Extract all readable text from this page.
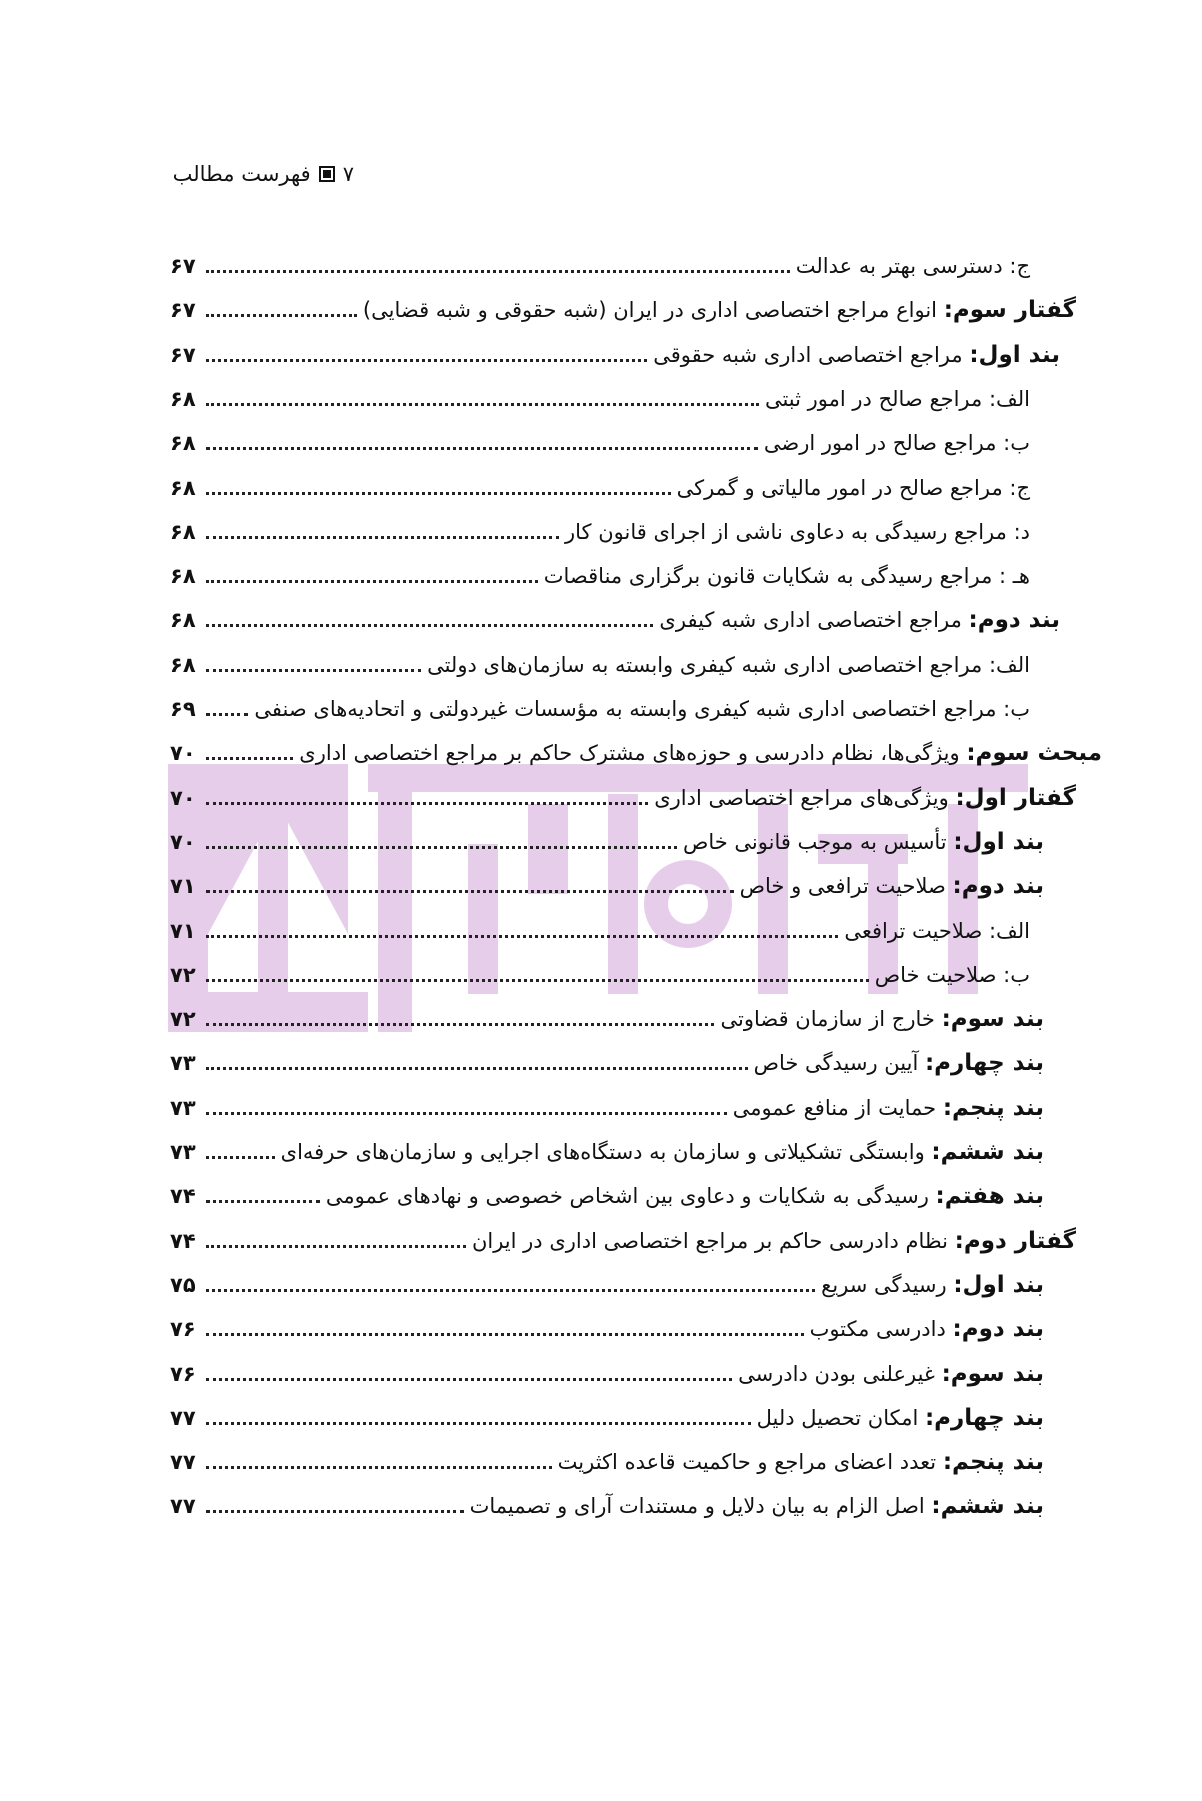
۷
فهرست مطالب
ج: دسترسی بهتر به عدالت
۶۷
گفتار سوم: انواع مراجع اختصاصی اداری در ایران (شبه حقوقی و شبه قضایی)
۶۷
بند اول: مراجع اختصاصی اداری شبه حقوقی
۶۷
الف: مراجع صالح در امور ثبتی
۶۸
ب: مراجع صالح در امور ارضی
۶۸
ج: مراجع صالح در امور مالیاتی و گمرکی
۶۸
د: مراجع رسیدگی به دعاوی ناشی از اجرای قانون کار
۶۸
هـ : مراجع رسیدگی به شکایات قانون برگزاری مناقصات
۶۸
بند دوم: مراجع اختصاصی اداری شبه کیفری
۶۸
الف: مراجع اختصاصی اداری شبه کیفری وابسته به سازمان‌های دولتی
۶۸
ب: مراجع اختصاصی اداری شبه کیفری وابسته به مؤسسات غیردولتی و اتحادیه‌های صنفی
۶۹
مبحث سوم: ویژگی‌ها، نظام دادرسی و حوزه‌های مشترک حاکم بر مراجع اختصاصی اداری
۷۰
گفتار اول: ویژگی‌های مراجع اختصاصی اداری
۷۰
بند اول: تأسیس به موجب قانونی خاص
۷۰
بند دوم: صلاحیت ترافعی و خاص
۷۱
الف: صلاحیت ترافعی
۷۱
ب: صلاحیت خاص
۷۲
بند سوم: خارج از سازمان قضاوتی
۷۲
بند چهارم: آیین رسیدگی خاص
۷۳
بند پنجم: حمایت از منافع عمومی
۷۳
بند ششم: وابستگی تشکیلاتی و سازمان به دستگاه‌های اجرایی و سازمان‌های حرفه‌ای
۷۳
بند هفتم: رسیدگی به شکایات و دعاوی بین اشخاص خصوصی و نهادهای عمومی
۷۴
گفتار دوم: نظام دادرسی حاکم بر مراجع اختصاصی اداری در ایران
۷۴
بند اول: رسیدگی سریع
۷۵
بند دوم: دادرسی مکتوب
۷۶
بند سوم: غیرعلنی بودن دادرسی
۷۶
بند چهارم: امکان تحصیل دلیل
۷۷
بند پنجم: تعدد اعضای مراجع و حاکمیت قاعده اکثریت
۷۷
بند ششم: اصل الزام به بیان دلایل و مستندات آرای و تصمیمات
۷۷
